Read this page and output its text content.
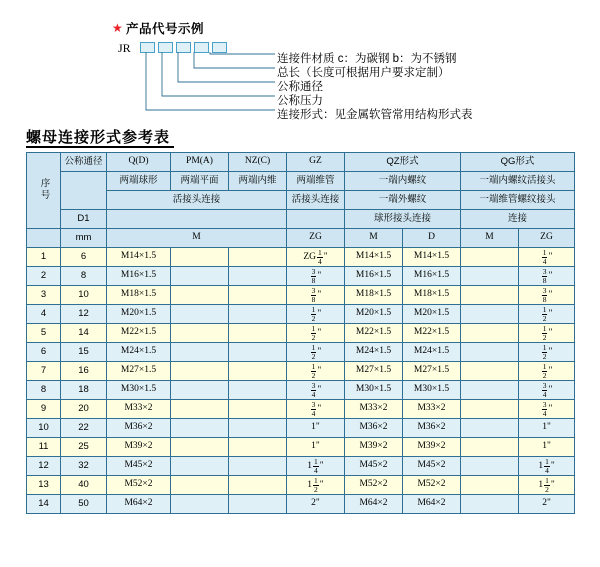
★ 产品代号示例
JR
连接件材质 c：为碳钢 b：为不锈钢
总长（长度可根据用户要求定制）
公称通径
公称压力
连接形式：见金属软管常用结构形式表
螺母连接形式参考表
序号	公称通径	Q(D)	PM(A)	NZ(C)	GZ	QZ形式		QG形式	
		两端球形	两端平面	两端内维	两端维管	一端内螺纹		一端内螺纹活接头	
		活接头连接			活接头连接	一端外螺纹		一端维管螺纹接头	
	D1					球形接头连接		连接	
	mm	M			ZG	M	D	M	ZG
1	6	M14×1.5			ZG $\frac{1}{4}$ "	M14×1.5	M14×1.5		$\frac{1}{4}$ "
2	8	M16×1.5			$\frac{3}{8}$ "	M16×1.5	M16×1.5		$\frac{3}{8}$ "
3	10	M18×1.5			$\frac{3}{8}$ "	M18×1.5	M18×1.5		$\frac{3}{8}$ "
4	12	M20×1.5			$\frac{1}{2}$ "	M20×1.5	M20×1.5		$\frac{1}{2}$ "
5	14	M22×1.5			$\frac{1}{2}$ "	M22×1.5	M22×1.5		$\frac{1}{2}$ "
6	15	M24×1.5			$\frac{1}{2}$ "	M24×1.5	M24×1.5		$\frac{1}{2}$ "
7	16	M27×1.5			$\frac{1}{2}$ "	M27×1.5	M27×1.5		$\frac{1}{2}$ "
8	18	M30×1.5			$\frac{3}{4}$ "	M30×1.5	M30×1.5		$\frac{3}{4}$ "
9	20	M33×2			$\frac{3}{4}$ "	M33×2	M33×2		$\frac{3}{4}$ "
10	22	M36×2			1"	M36×2	M36×2		1"
11	25	M39×2			1"	M39×2	M39×2		1"
12	32	M45×2			$1 \frac{1}{4}$ "	M45×2	M45×2		$1 \frac{1}{4}$ "
13	40	M52×2			$1 \frac{1}{2}$ "	M52×2	M52×2		$1 \frac{1}{2}$ "
14	50	M64×2			2"	M64×2	M64×2		2"
